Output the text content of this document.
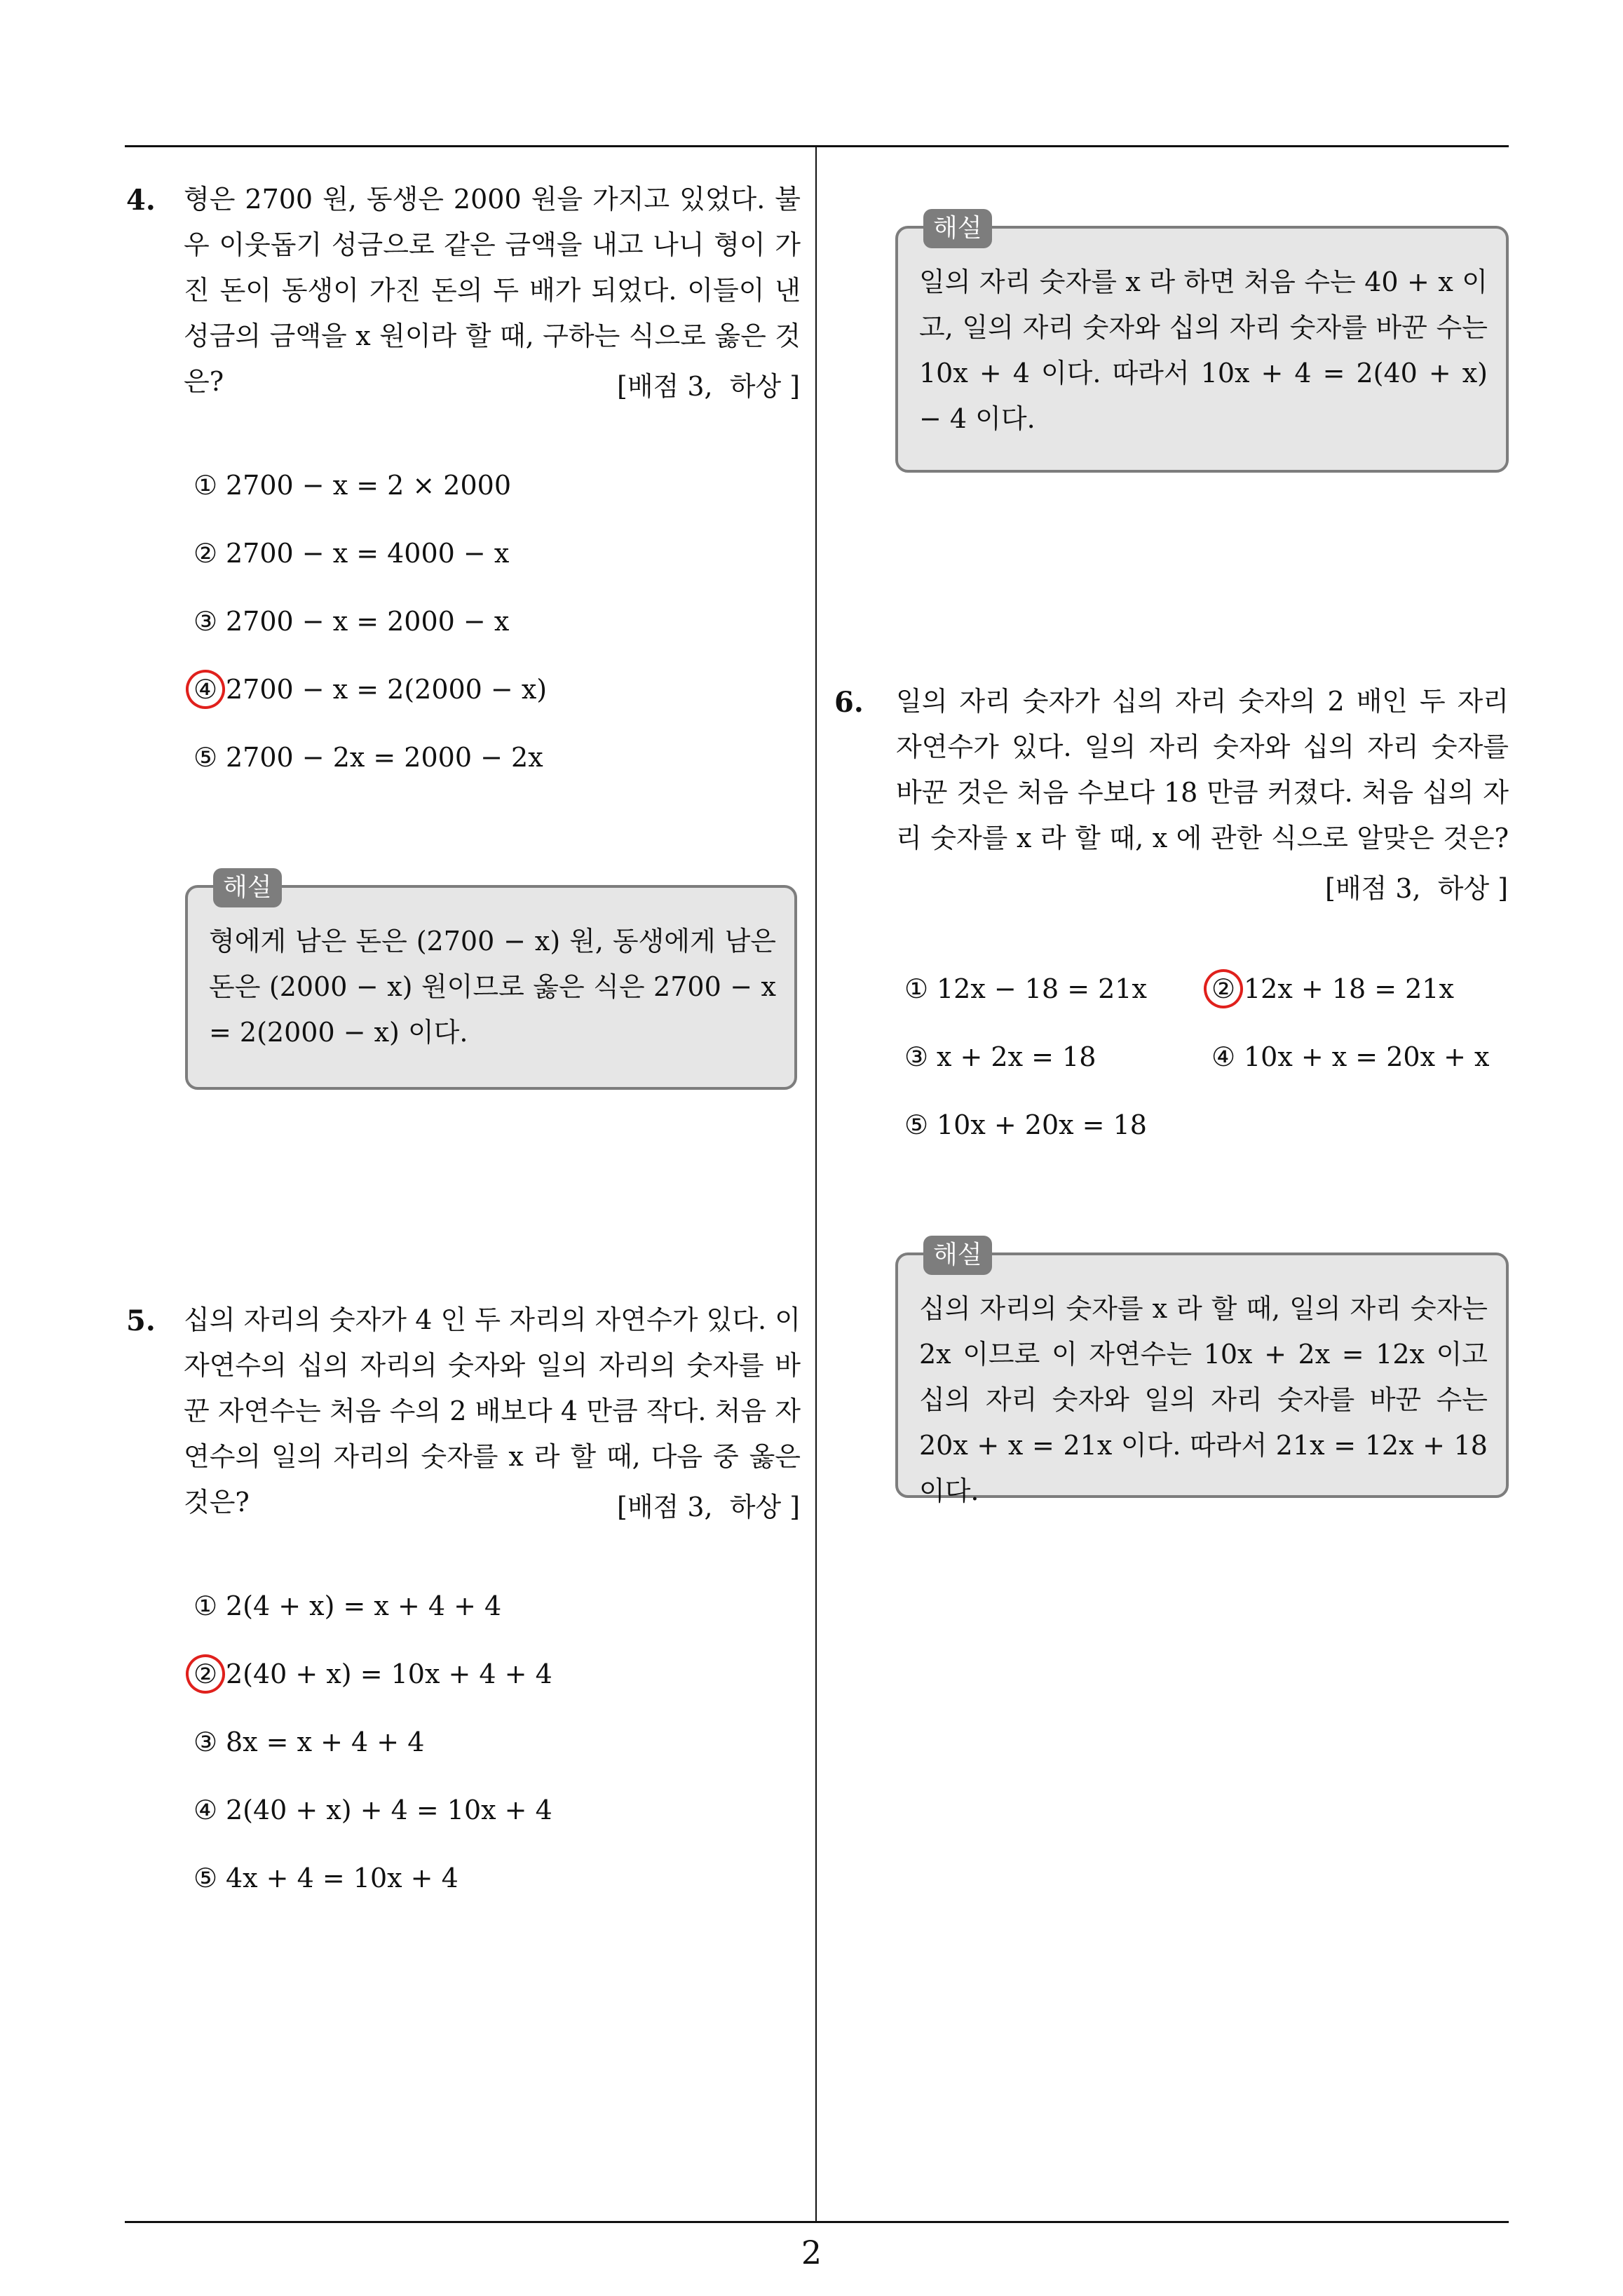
4. 형은 2700 원, 동생은 2000 원을 가지고 있었다. 불우 이웃돕기 성금으로 같은 금액을 내고 나니 형이 가진 돈이 동생이 가진 돈의 두 배가 되었다. 이들이 낸 성금의 금액을 x 원이라 할 때, 구하는 식으로 옳은 것은?	[배점 3,  하상 ]
① 2700 − x = 2 × 2000
② 2700 − x = 4000 − x
③ 2700 − x = 2000 − x
④ 2700 − x = 2(2000 − x)
⑤ 2700 − 2x = 2000 − 2x
해설
형에게 남은 돈은 (2700 − x) 원, 동생에게 남은 돈은 (2000 − x) 원이므로 옳은 식은 2700 − x = 2(2000 − x) 이다.
5. 십의 자리의 숫자가 4 인 두 자리의 자연수가 있다. 이 자연수의 십의 자리의 숫자와 일의 자리의 숫자를 바꾼 자연수는 처음 수의 2 배보다 4 만큼 작다. 처음 자연수의 일의 자리의 숫자를 x 라 할 때, 다음 중 옳은 것은?	[배점 3,  하상 ]
① 2(4 + x) = x + 4 + 4
② 2(40 + x) = 10x + 4 + 4
③ 8x = x + 4 + 4
④ 2(40 + x) + 4 = 10x + 4
⑤ 4x + 4 = 10x + 4
해설
일의 자리 숫자를 x 라 하면 처음 수는 40 + x 이고, 일의 자리 숫자와 십의 자리 숫자를 바꾼 수는 10x + 4 이다. 따라서 10x + 4 = 2(40 + x) − 4 이다.
6. 일의 자리 숫자가 십의 자리 숫자의 2 배인 두 자리 자연수가 있다. 일의 자리 숫자와 십의 자리 숫자를 바꾼 것은 처음 수보다 18 만큼 커졌다. 처음 십의 자리 숫자를 x 라 할 때, x 에 관한 식으로 알맞은 것은?
[배점 3,  하상 ]
① 12x − 18 = 21x ② 12x + 18 = 21x
③ x + 2x = 18	④ 10x + x = 20x + x
⑤ 10x + 20x = 18
해설
십의 자리의 숫자를 x 라 할 때, 일의 자리 숫자는 2x 이므로 이 자연수는 10x + 2x = 12x 이고 십의 자리 숫자와 일의 자리 숫자를 바꾼 수는 20x + x = 21x 이다. 따라서 21x = 12x + 18 이다.
2
